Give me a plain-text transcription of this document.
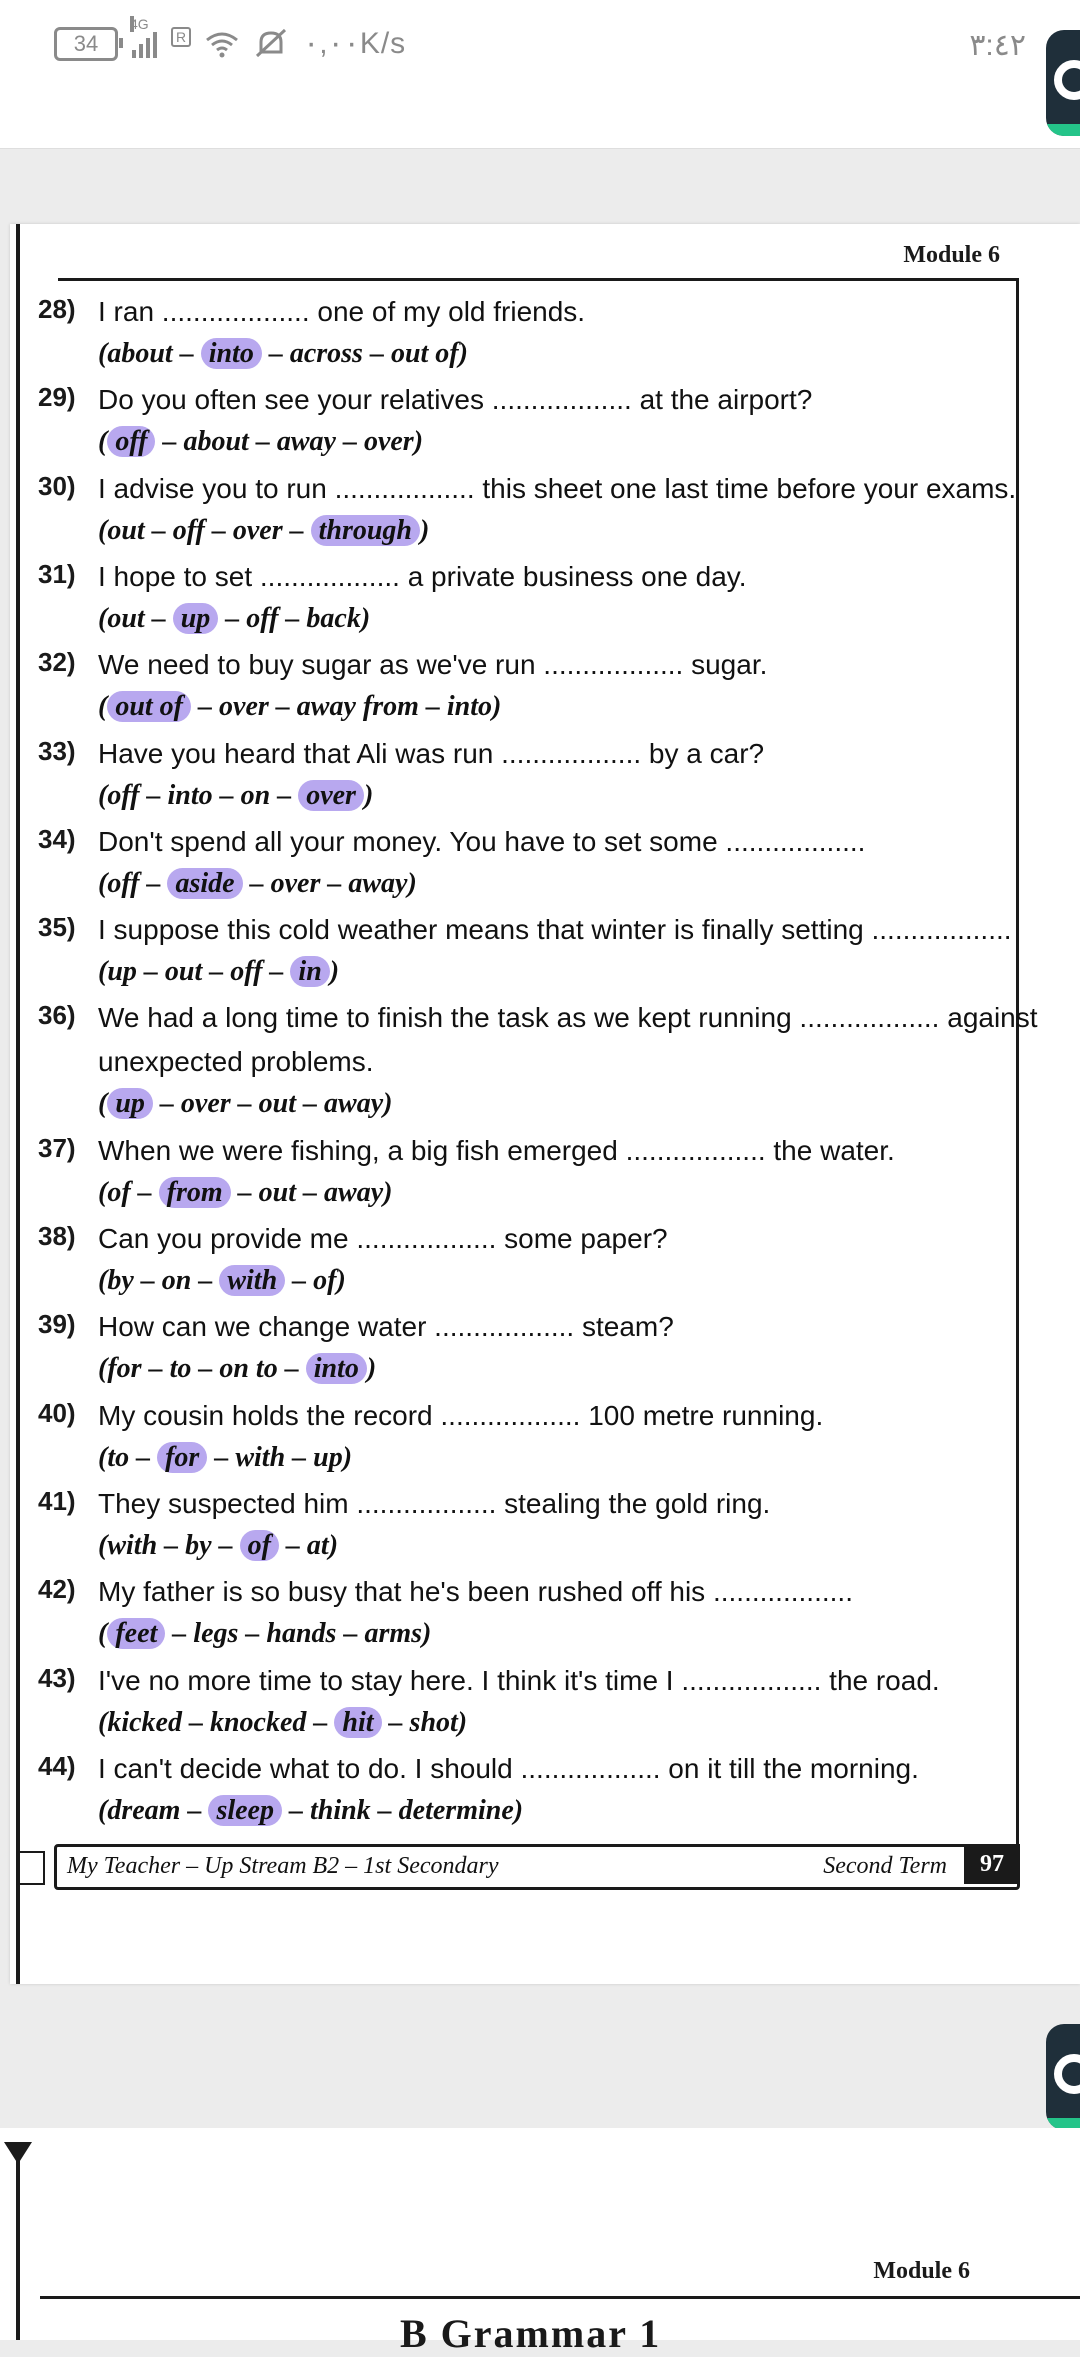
34
4G
R	٠,٠٠K/s	٣:٤٢
Module 6
28) I ran ................... one of my old friends.
(about – into – across – out of)
29) Do you often see your relatives .................. at the airport?
( off – about – away – over)
30) I advise you to run .................. this sheet one last time before your exams.
(out – off – over – through )
31) I hope to set .................. a private business one day.
(out – up – off – back)
32) We need to buy sugar as we've run .................. sugar.
( out of – over – away from – into)
33) Have you heard that Ali was run .................. by a car?
(off – into – on – over )
34) Don't spend all your money. You have to set some ..................
(off – aside – over – away)
35) I suppose this cold weather means that winter is finally setting ..................
(up – out – off – in )
36) We had a long time to finish the task as we kept running .................. against
unexpected problems.
( up – over – out – away)
37) When we were fishing, a big fish emerged .................. the water.
(of – from – out – away)
38) Can you provide me .................. some paper?
(by – on – with – of)
39) How can we change water .................. steam?
(for – to – on to – into )
40) My cousin holds the record .................. 100 metre running.
(to – for – with – up)
41) They suspected him .................. stealing the gold ring.
(with – by – of – at)
42) My father is so busy that he's been rushed off his ..................
( feet – legs – hands – arms)
43) I've no more time to stay here. I think it's time I .................. the road.
(kicked – knocked – hit – shot)
44) I can't decide what to do. I should .................. on it till the morning.
(dream – sleep – think – determine)
My Teacher – Up Stream B2 – 1st Secondary	Second Term	97
Module 6
B Grammar 1
